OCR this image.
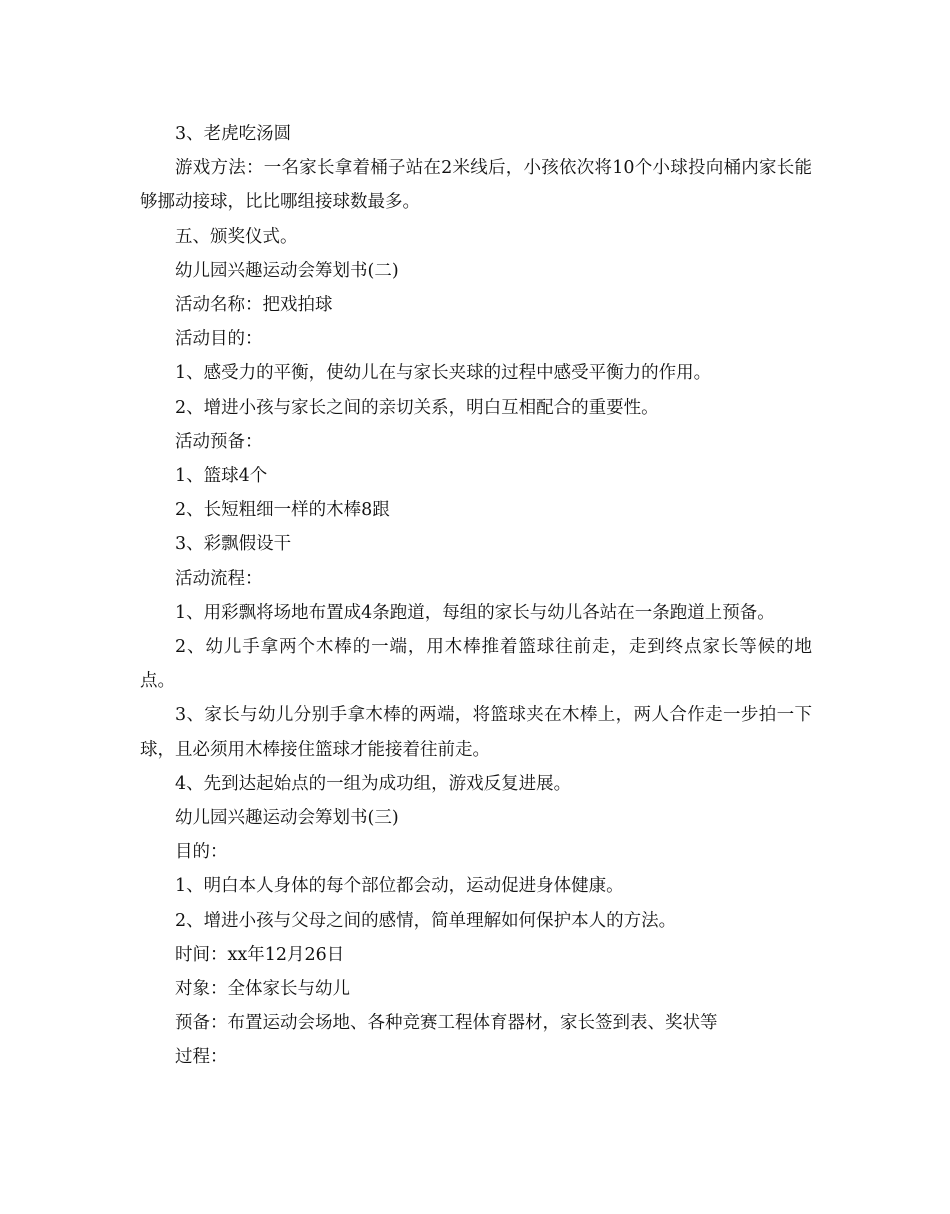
3、老虎吃汤圆

游戏方法：一名家长拿着桶子站在2米线后，小孩依次将10个小球投向桶内家长能够挪动接球，比比哪组接球数最多。

五、颁奖仪式。

幼儿园兴趣运动会筹划书(二)

活动名称：把戏拍球

活动目的：

1、感受力的平衡，使幼儿在与家长夹球的过程中感受平衡力的作用。

2、增进小孩与家长之间的亲切关系，明白互相配合的重要性。

活动预备：

1、篮球4个

2、长短粗细一样的木棒8跟

3、彩飘假设干

活动流程：

1、用彩飘将场地布置成4条跑道，每组的家长与幼儿各站在一条跑道上预备。

2、幼儿手拿两个木棒的一端，用木棒推着篮球往前走，走到终点家长等候的地点。

3、家长与幼儿分别手拿木棒的两端，将篮球夹在木棒上，两人合作走一步拍一下球，且必须用木棒接住篮球才能接着往前走。

4、先到达起始点的一组为成功组，游戏反复进展。

幼儿园兴趣运动会筹划书(三)

目的：

1、明白本人身体的每个部位都会动，运动促进身体健康。

2、增进小孩与父母之间的感情，简单理解如何保护本人的方法。

时间：xx年12月26日

对象：全体家长与幼儿

预备：布置运动会场地、各种竞赛工程体育器材，家长签到表、奖状等

过程：
